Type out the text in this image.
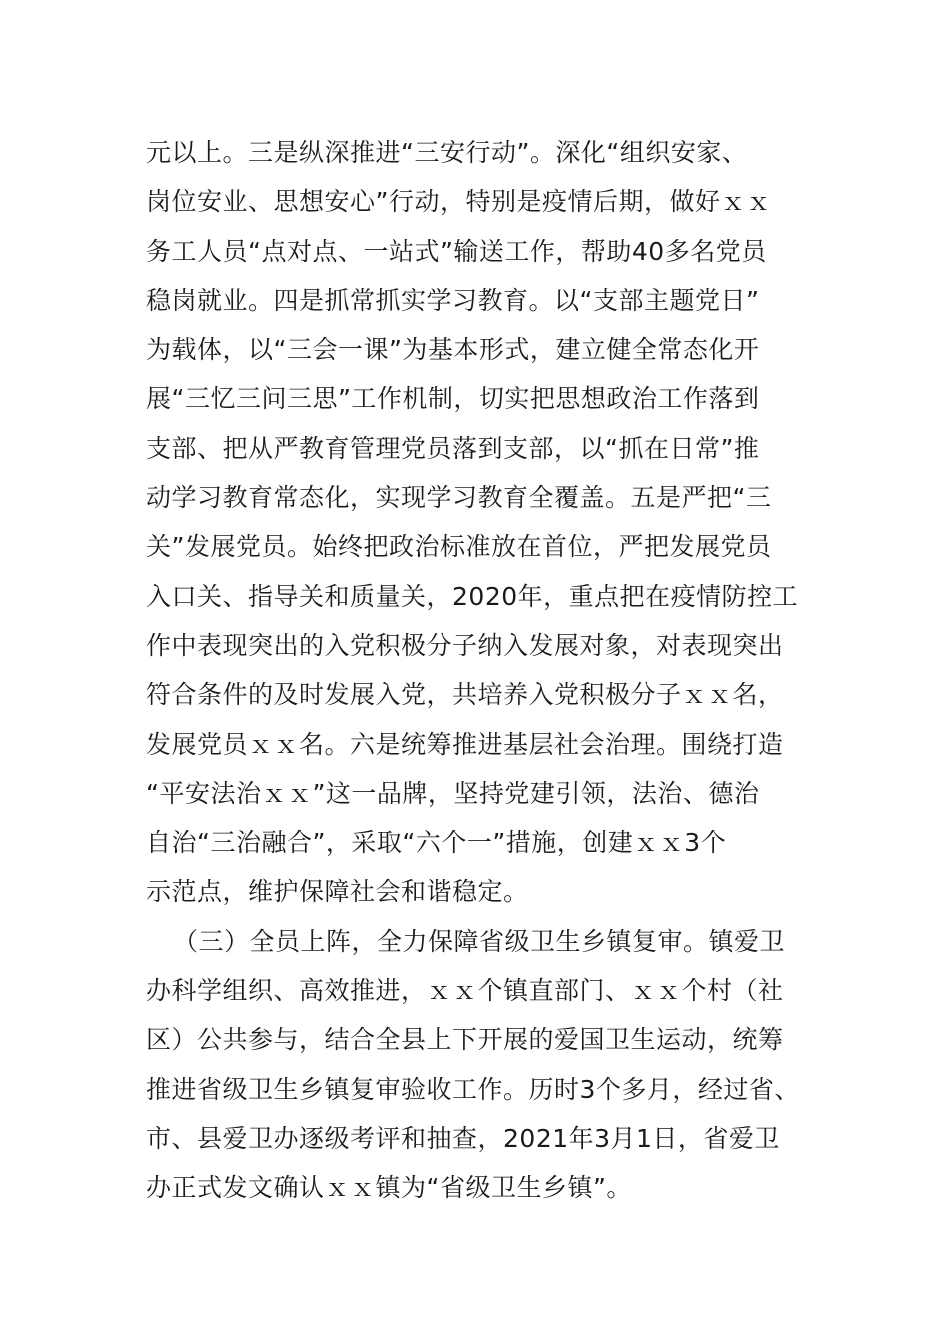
元以上。三是纵深推进“三安行动”。深化“组织安家、
岗位安业、思想安心”行动，特别是疫情后期，做好ｘｘ
务工人员“点对点、一站式”输送工作，帮助40多名党员
稳岗就业。四是抓常抓实学习教育。以“支部主题党日”
为载体，以“三会一课”为基本形式，建立健全常态化开
展“三忆三问三思”工作机制，切实把思想政治工作落到
支部、把从严教育管理党员落到支部，以“抓在日常”推
动学习教育常态化，实现学习教育全覆盖。五是严把“三
关”发展党员。始终把政治标准放在首位，严把发展党员
入口关、指导关和质量关，2020年，重点把在疫情防控工
作中表现突出的入党积极分子纳入发展对象，对表现突出
符合条件的及时发展入党，共培养入党积极分子ｘｘ名，
发展党员ｘｘ名。六是统筹推进基层社会治理。围绕打造
“平安法治ｘｘ”这一品牌，坚持党建引领，法治、德治
自治“三治融合”，采取“六个一”措施，创建ｘｘ3个
示范点，维护保障社会和谐稳定。
（三）全员上阵，全力保障省级卫生乡镇复审。镇爱卫
办科学组织、高效推进，ｘｘ个镇直部门、ｘｘ个村（社
区）公共参与，结合全县上下开展的爱国卫生运动，统筹
推进省级卫生乡镇复审验收工作。历时3个多月，经过省、
市、县爱卫办逐级考评和抽查，2021年3月1日，省爱卫
办正式发文确认ｘｘ镇为“省级卫生乡镇”。
